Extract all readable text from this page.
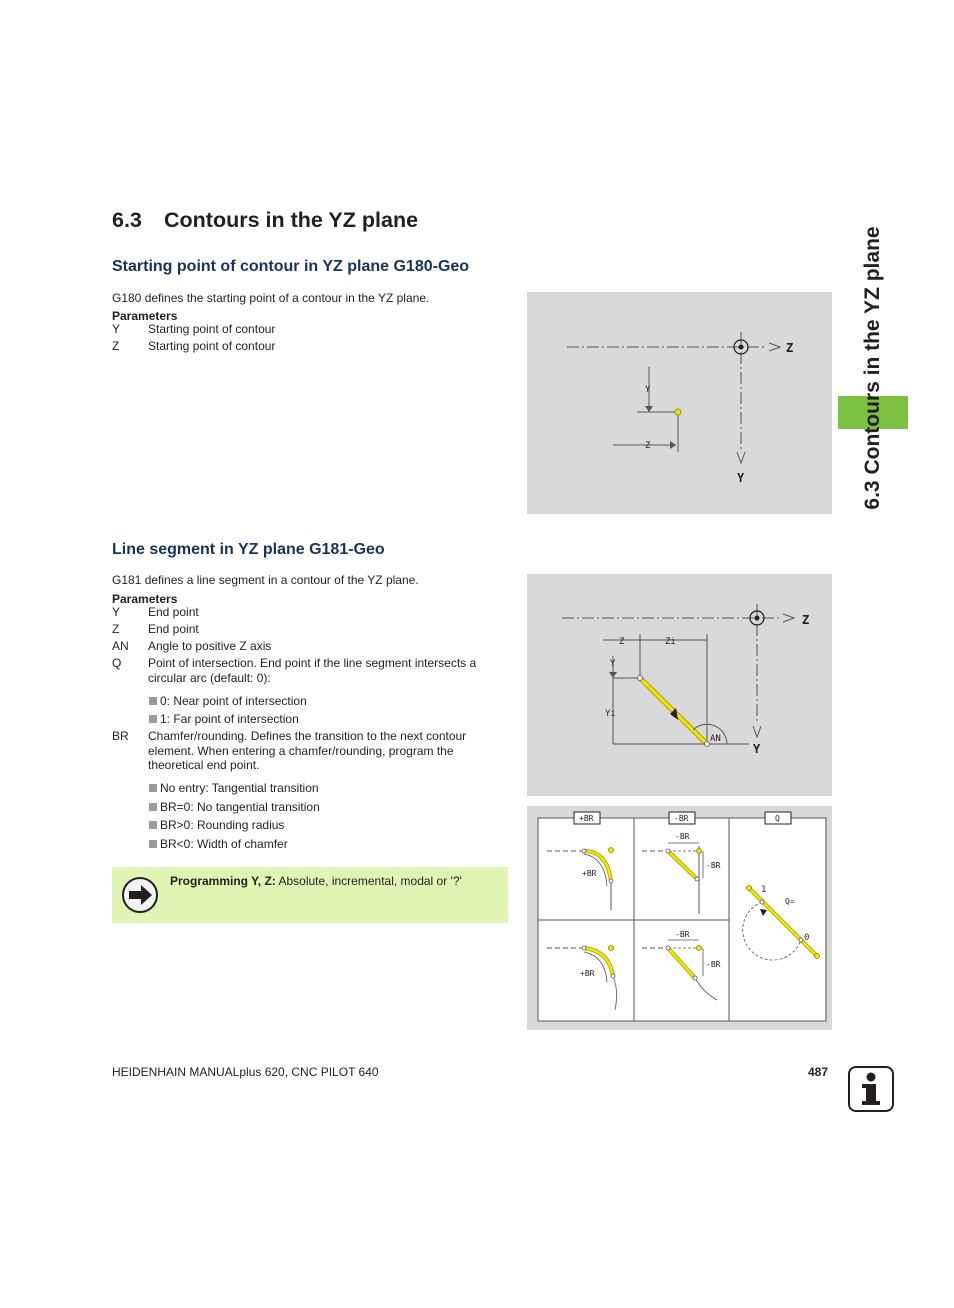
6.3 Contours in the YZ plane
Starting point of contour in YZ plane G180-Geo
G180 defines the starting point of a contour in the YZ plane.
Parameters
Y Starting point of contour
Z Starting point of contour	Z
Y
Y
Z
Line segment in YZ plane G181-Geo
G181 defines a line segment in a contour of the YZ plane.
Parameters
Y End point
Z End point
AN Angle to positive Z axis
Q Point of intersection. End point if the line segment intersects a circular arc (default: 0):
0: Near point of intersection
1: Far point of intersection
BR Chamfer/rounding. Defines the transition to the next contour element. When entering a chamfer/rounding, program the theoretical end point.
No entry: Tangential transition
BR=0: No tangential transition
BR>0: Rounding radius
BR<0: Width of chamfer
Programming Y, Z: Absolute, incremental, modal or '?'
Z
Y
Z	Zi
Y
Yi
AN
+BR	-BR	Q
+BR
-BR
-BR
1
Q=
0
+BR
-BR
-BR
6.3 Contours in the YZ plane
HEIDENHAIN MANUALplus 620, CNC PILOT 640	487
